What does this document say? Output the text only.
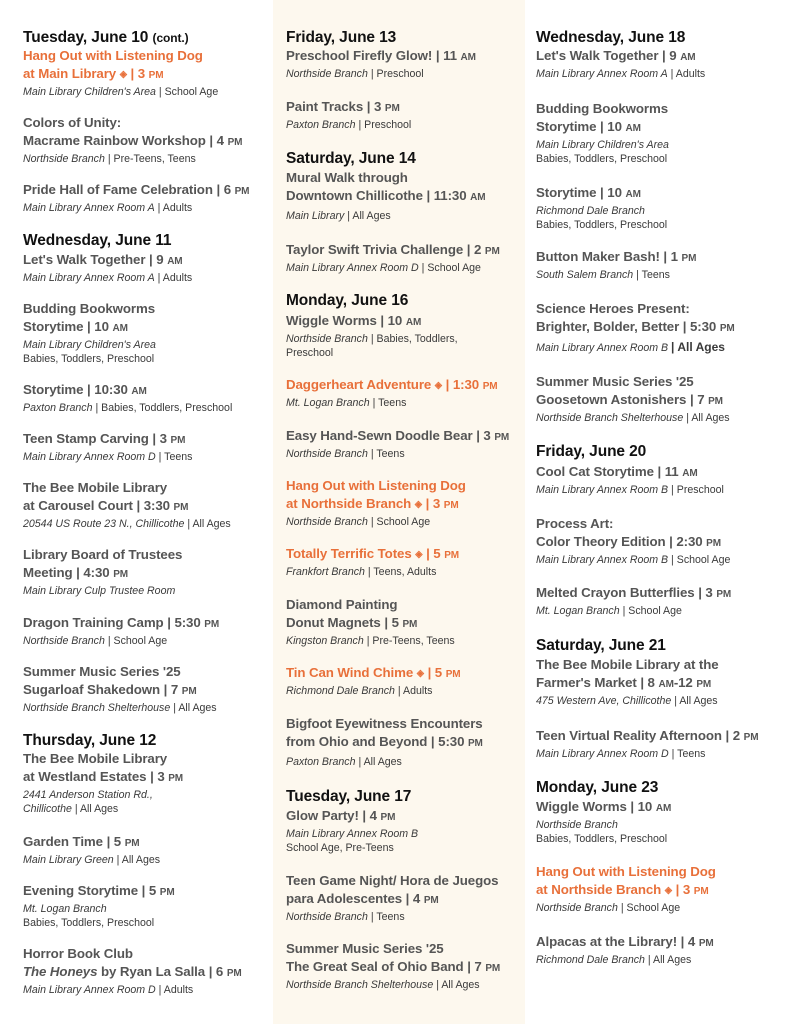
Tuesday, June 10 (cont.)
Hang Out with Listening Dog
at Main Library ◈ | 3 PM
Main Library Children's Area | School Age
Colors of Unity:
Macrame Rainbow Workshop | 4 PM
Northside Branch | Pre-Teens, Teens
Pride Hall of Fame Celebration | 6 PM
Main Library Annex Room A | Adults
Wednesday, June 11
Let's Walk Together | 9 AM
Main Library Annex Room A | Adults
Budding Bookworms
Storytime | 10 AM
Main Library Children's Area
Babies, Toddlers, Preschool
Storytime | 10:30 AM
Paxton Branch | Babies, Toddlers, Preschool
Teen Stamp Carving | 3 PM
Main Library Annex Room D | Teens
The Bee Mobile Library
at Carousel Court | 3:30 PM
20544 US Route 23 N., Chillicothe | All Ages
Library Board of Trustees
Meeting | 4:30 PM
Main Library Culp Trustee Room
Dragon Training Camp | 5:30 PM
Northside Branch | School Age
Summer Music Series '25
Sugarloaf Shakedown | 7 PM
Northside Branch Shelterhouse | All Ages
Thursday, June 12
The Bee Mobile Library
at Westland Estates | 3 PM
2441 Anderson Station Rd.,
Chillicothe | All Ages
Garden Time | 5 PM
Main Library Green | All Ages
Evening Storytime | 5 PM
Mt. Logan Branch
Babies, Toddlers, Preschool
Horror Book Club
The Honeys by Ryan La Salla | 6 PM
Main Library Annex Room D | Adults
Friday, June 13
Preschool Firefly Glow! | 11 AM
Northside Branch | Preschool
Paint Tracks | 3 PM
Paxton Branch | Preschool
Saturday, June 14
Mural Walk through
Downtown Chillicothe | 11:30 AM
Main Library | All Ages
Taylor Swift Trivia Challenge | 2 PM
Main Library Annex Room D | School Age
Monday, June 16
Wiggle Worms | 10 AM
Northside Branch | Babies, Toddlers,
Preschool
Daggerheart Adventure ◈ | 1:30 PM
Mt. Logan Branch | Teens
Easy Hand-Sewn Doodle Bear | 3 PM
Northside Branch | Teens
Hang Out with Listening Dog
at Northside Branch ◈ | 3 PM
Northside Branch | School Age
Totally Terrific Totes ◈ | 5 PM
Frankfort Branch | Teens, Adults
Diamond Painting
Donut Magnets | 5 PM
Kingston Branch | Pre-Teens, Teens
Tin Can Wind Chime ◈ | 5 PM
Richmond Dale Branch | Adults
Bigfoot Eyewitness Encounters
from Ohio and Beyond | 5:30 PM
Paxton Branch | All Ages
Tuesday, June 17
Glow Party! | 4 PM
Main Library Annex Room B
School Age, Pre-Teens
Teen Game Night/ Hora de Juegos
para Adolescentes | 4 PM
Northside Branch | Teens
Summer Music Series '25
The Great Seal of Ohio Band | 7 PM
Northside Branch Shelterhouse | All Ages
Wednesday, June 18
Let's Walk Together | 9 AM
Main Library Annex Room A | Adults
Budding Bookworms
Storytime | 10 AM
Main Library Children's Area
Babies, Toddlers, Preschool
Storytime | 10 AM
Richmond Dale Branch
Babies, Toddlers, Preschool
Button Maker Bash! | 1 PM
South Salem Branch | Teens
Science Heroes Present:
Brighter, Bolder, Better | 5:30 PM
Main Library Annex Room B | All Ages
Summer Music Series '25
Goosetown Astonishers | 7 PM
Northside Branch Shelterhouse | All Ages
Friday, June 20
Cool Cat Storytime | 11 AM
Main Library Annex Room B | Preschool
Process Art:
Color Theory Edition | 2:30 PM
Main Library Annex Room B | School Age
Melted Crayon Butterflies | 3 PM
Mt. Logan Branch | School Age
Saturday, June 21
The Bee Mobile Library at the
Farmer's Market | 8 AM-12 PM
475 Western Ave, Chillicothe | All Ages
Teen Virtual Reality Afternoon | 2 PM
Main Library Annex Room D | Teens
Monday, June 23
Wiggle Worms | 10 AM
Northside Branch
Babies, Toddlers, Preschool
Hang Out with Listening Dog
at Northside Branch ◈ | 3 PM
Northside Branch | School Age
Alpacas at the Library! | 4 PM
Richmond Dale Branch | All Ages
